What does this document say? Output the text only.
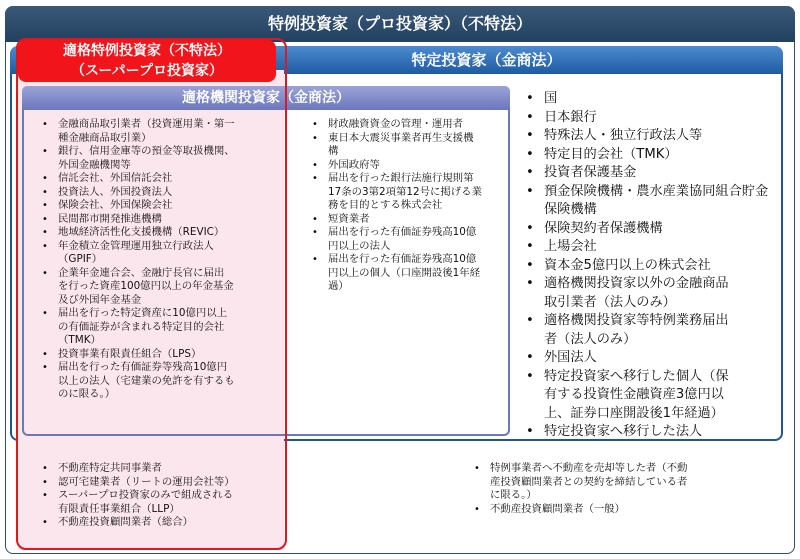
特例投資家（プロ投資家）（不特法）
特定投資家（金商法）
適格機関投資家（金商法）
適格特例投資家（不特法）
（スーパープロ投資家）
• 金融商品取引業者（投資運用業・第一
種金融商品取引業）
• 銀行、信用金庫等の預金等取扱機関、
外国金融機関等
• 信託会社、外国信託会社
• 投資法人、外国投資法人
• 保険会社、外国保険会社
• 民間都市開発推進機構
• 地域経済活性化支援機構（REVIC）
• 年金積立金管理運用独立行政法人
（GPIF）
• 企業年金連合会、金融庁長官に届出
を行った資産100億円以上の年金基金
及び外国年金基金
• 届出を行った特定資産に10億円以上
の有価証券が含まれる特定目的会社
（TMK）
• 投資事業有限責任組合（LPS）
• 届出を行った有価証券等残高10億円
以上の法人（宅建業の免許を有するも
のに限る。）
• 財政融資資金の管理・運用者
• 東日本大震災事業者再生支援機
構
• 外国政府等
• 届出を行った銀行法施行規則第
17条の3第2項第12号に掲げる業
務を目的とする株式会社
• 短資業者
• 届出を行った有価証券残高10億
円以上の法人
• 届出を行った有価証券残高10億
円以上の個人（口座開設後1年経
過）
• 国
• 日本銀行
• 特殊法人・独立行政法人等
• 特定目的会社（TMK）
• 投資者保護基金
• 預金保険機構・農水産業協同組合貯金保険機構
• 保険契約者保護機構
• 上場会社
• 資本金5億円以上の株式会社
• 適格機関投資家以外の金融商品
取引業者（法人のみ）
• 適格機関投資家等特例業務届出
者（法人のみ）
• 外国法人
• 特定投資家へ移行した個人（保
有する投資性金融資産3億円以
上、証券口座開設後1年経過）
• 特定投資家へ移行した法人
• 不動産特定共同事業者
• 認可宅建業者（リートの運用会社等）
• スーパープロ投資家のみで組成される
有限責任事業組合（LLP）
• 不動産投資顧問業者（総合）
• 特例事業者へ不動産を売却等した者（不動
産投資顧問業者との契約を締結している者
に限る。）
• 不動産投資顧問業者（一般）
